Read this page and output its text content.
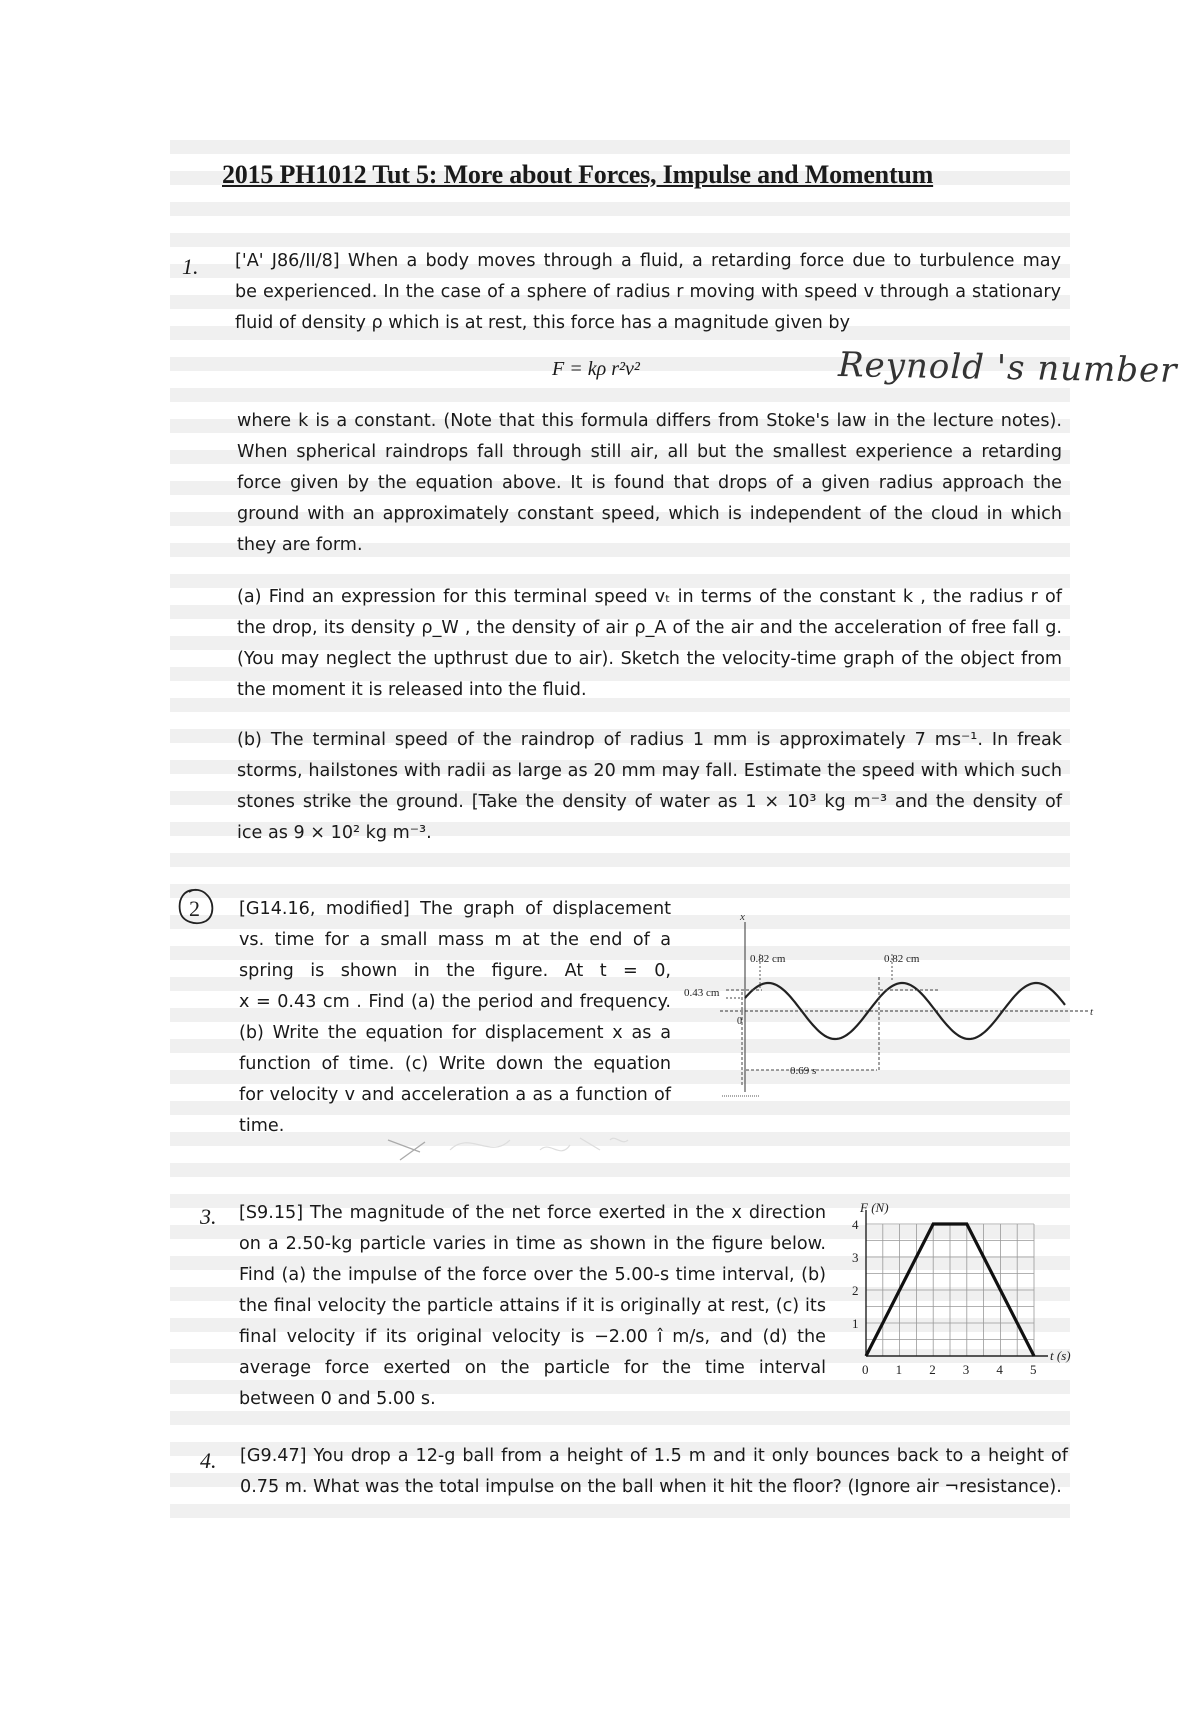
2015 PH1012 Tut 5: More about Forces, Impulse and Momentum
1. ['A' J86/II/8] When a body moves through a fluid, a retarding force due to turbulence may
be experienced. In the case of a sphere of radius r moving with speed v through a stationary
fluid of density ρ which is at rest, this force has a magnitude given by
F = kρ r²v²	Reynold 's number
where k is a constant. (Note that this formula differs from Stoke's law in the lecture notes).
When spherical raindrops fall through still air, all but the smallest experience a retarding
force given by the equation above. It is found that drops of a given radius approach the
ground with an approximately constant speed, which is independent of the cloud in which
they are form.
(a) Find an expression for this terminal speed vₜ in terms of the constant k , the radius r of
the drop, its density ρ_W , the density of air ρ_A of the air and the acceleration of free fall g.
(You may neglect the upthrust due to air). Sketch the velocity-time graph of the object from
the moment it is released into the fluid.
(b) The terminal speed of the raindrop of radius 1 mm is approximately 7 ms⁻¹. In freak
storms, hailstones with radii as large as 20 mm may fall. Estimate the speed with which such
stones strike the ground. [Take the density of water as 1 × 10³ kg m⁻³ and the density of
ice as 9 × 10² kg m⁻³.
2 [G14.16, modified] The graph of displacement
vs. time for a small mass m at the end of a
spring is shown in the figure. At t = 0,
x = 0.43 cm . Find (a) the period and frequency.
(b) Write the equation for displacement x as a
function of time. (c) Write down the equation
for velocity v and acceleration a as a function of
time.
x
t
0.82 cm	0.82 cm
0.43 cm
0.69 s
0
3. [S9.15] The magnitude of the net force exerted in the x direction
on a 2.50-kg particle varies in time as shown in the figure below.
Find (a) the impulse of the force over the 5.00-s time interval, (b)
the final velocity the particle attains if it is originally at rest, (c) its
final velocity if its original velocity is −2.00 î m/s, and (d) the
average force exerted on the particle for the time interval
between 0 and 5.00 s.
0 1 2 3 4 5
1
2
3
4
t (s)
F (N)
4. [G9.47] You drop a 12-g ball from a height of 1.5 m and it only bounces back to a height of
0.75 m. What was the total impulse on the ball when it hit the floor? (Ignore air ¬resistance).
